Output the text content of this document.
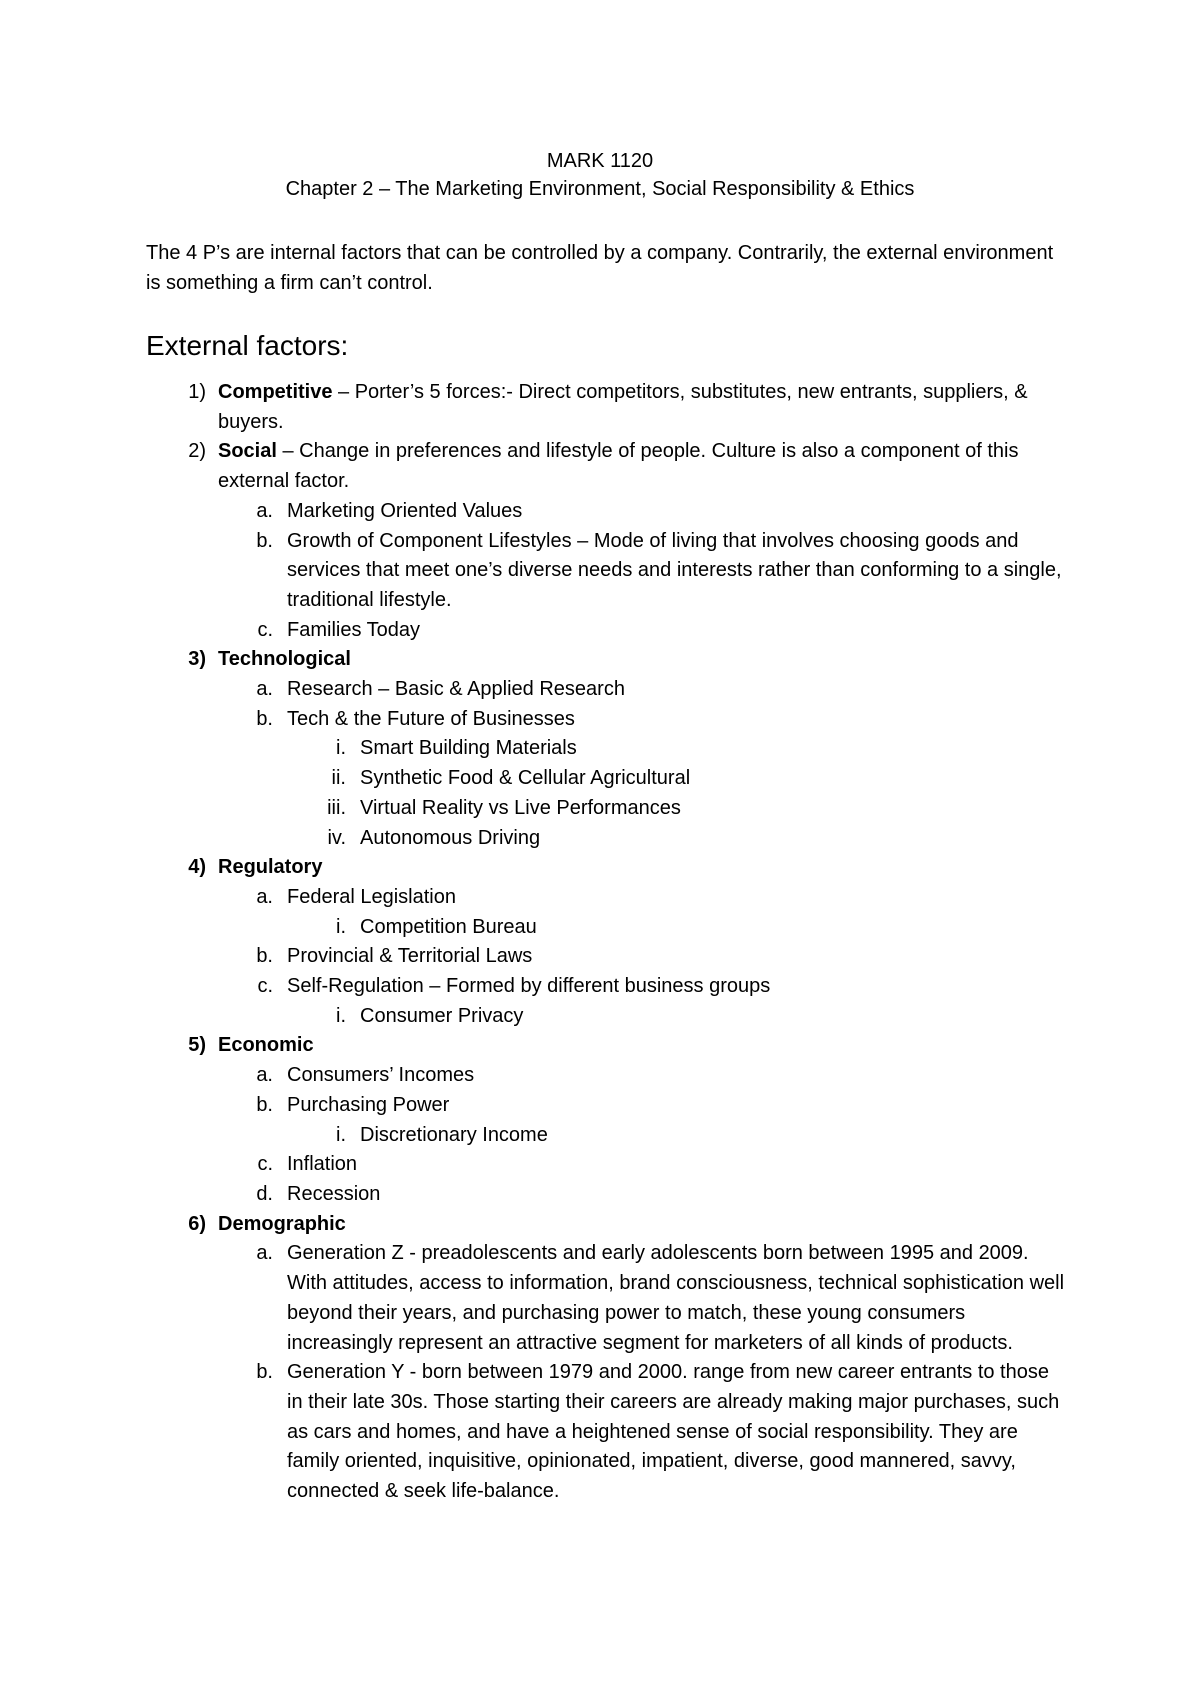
MARK 1120
Chapter 2 – The Marketing Environment, Social Responsibility & Ethics
The 4 P’s are internal factors that can be controlled by a company. Contrarily, the external environment is something a firm can’t control.
External factors:
1) Competitive – Porter’s 5 forces:- Direct competitors, substitutes, new entrants, suppliers, & buyers.
2) Social – Change in preferences and lifestyle of people. Culture is also a component of this external factor.
a. Marketing Oriented Values
b. Growth of Component Lifestyles – Mode of living that involves choosing goods and services that meet one’s diverse needs and interests rather than conforming to a single, traditional lifestyle.
c. Families Today
3) Technological
a. Research – Basic & Applied Research
b. Tech & the Future of Businesses
i. Smart Building Materials
ii. Synthetic Food & Cellular Agricultural
iii. Virtual Reality vs Live Performances
iv. Autonomous Driving
4) Regulatory
a. Federal Legislation
i. Competition Bureau
b. Provincial & Territorial Laws
c. Self-Regulation – Formed by different business groups
i. Consumer Privacy
5) Economic
a. Consumers’ Incomes
b. Purchasing Power
i. Discretionary Income
c. Inflation
d. Recession
6) Demographic
a. Generation Z - preadolescents and early adolescents born between 1995 and 2009. With attitudes, access to information, brand consciousness, technical sophistication well beyond their years, and purchasing power to match, these young consumers increasingly represent an attractive segment for marketers of all kinds of products.
b. Generation Y - born between 1979 and 2000. range from new career entrants to those in their late 30s. Those starting their careers are already making major purchases, such as cars and homes, and have a heightened sense of social responsibility. They are family oriented, inquisitive, opinionated, impatient, diverse, good mannered, savvy, connected & seek life-balance.
